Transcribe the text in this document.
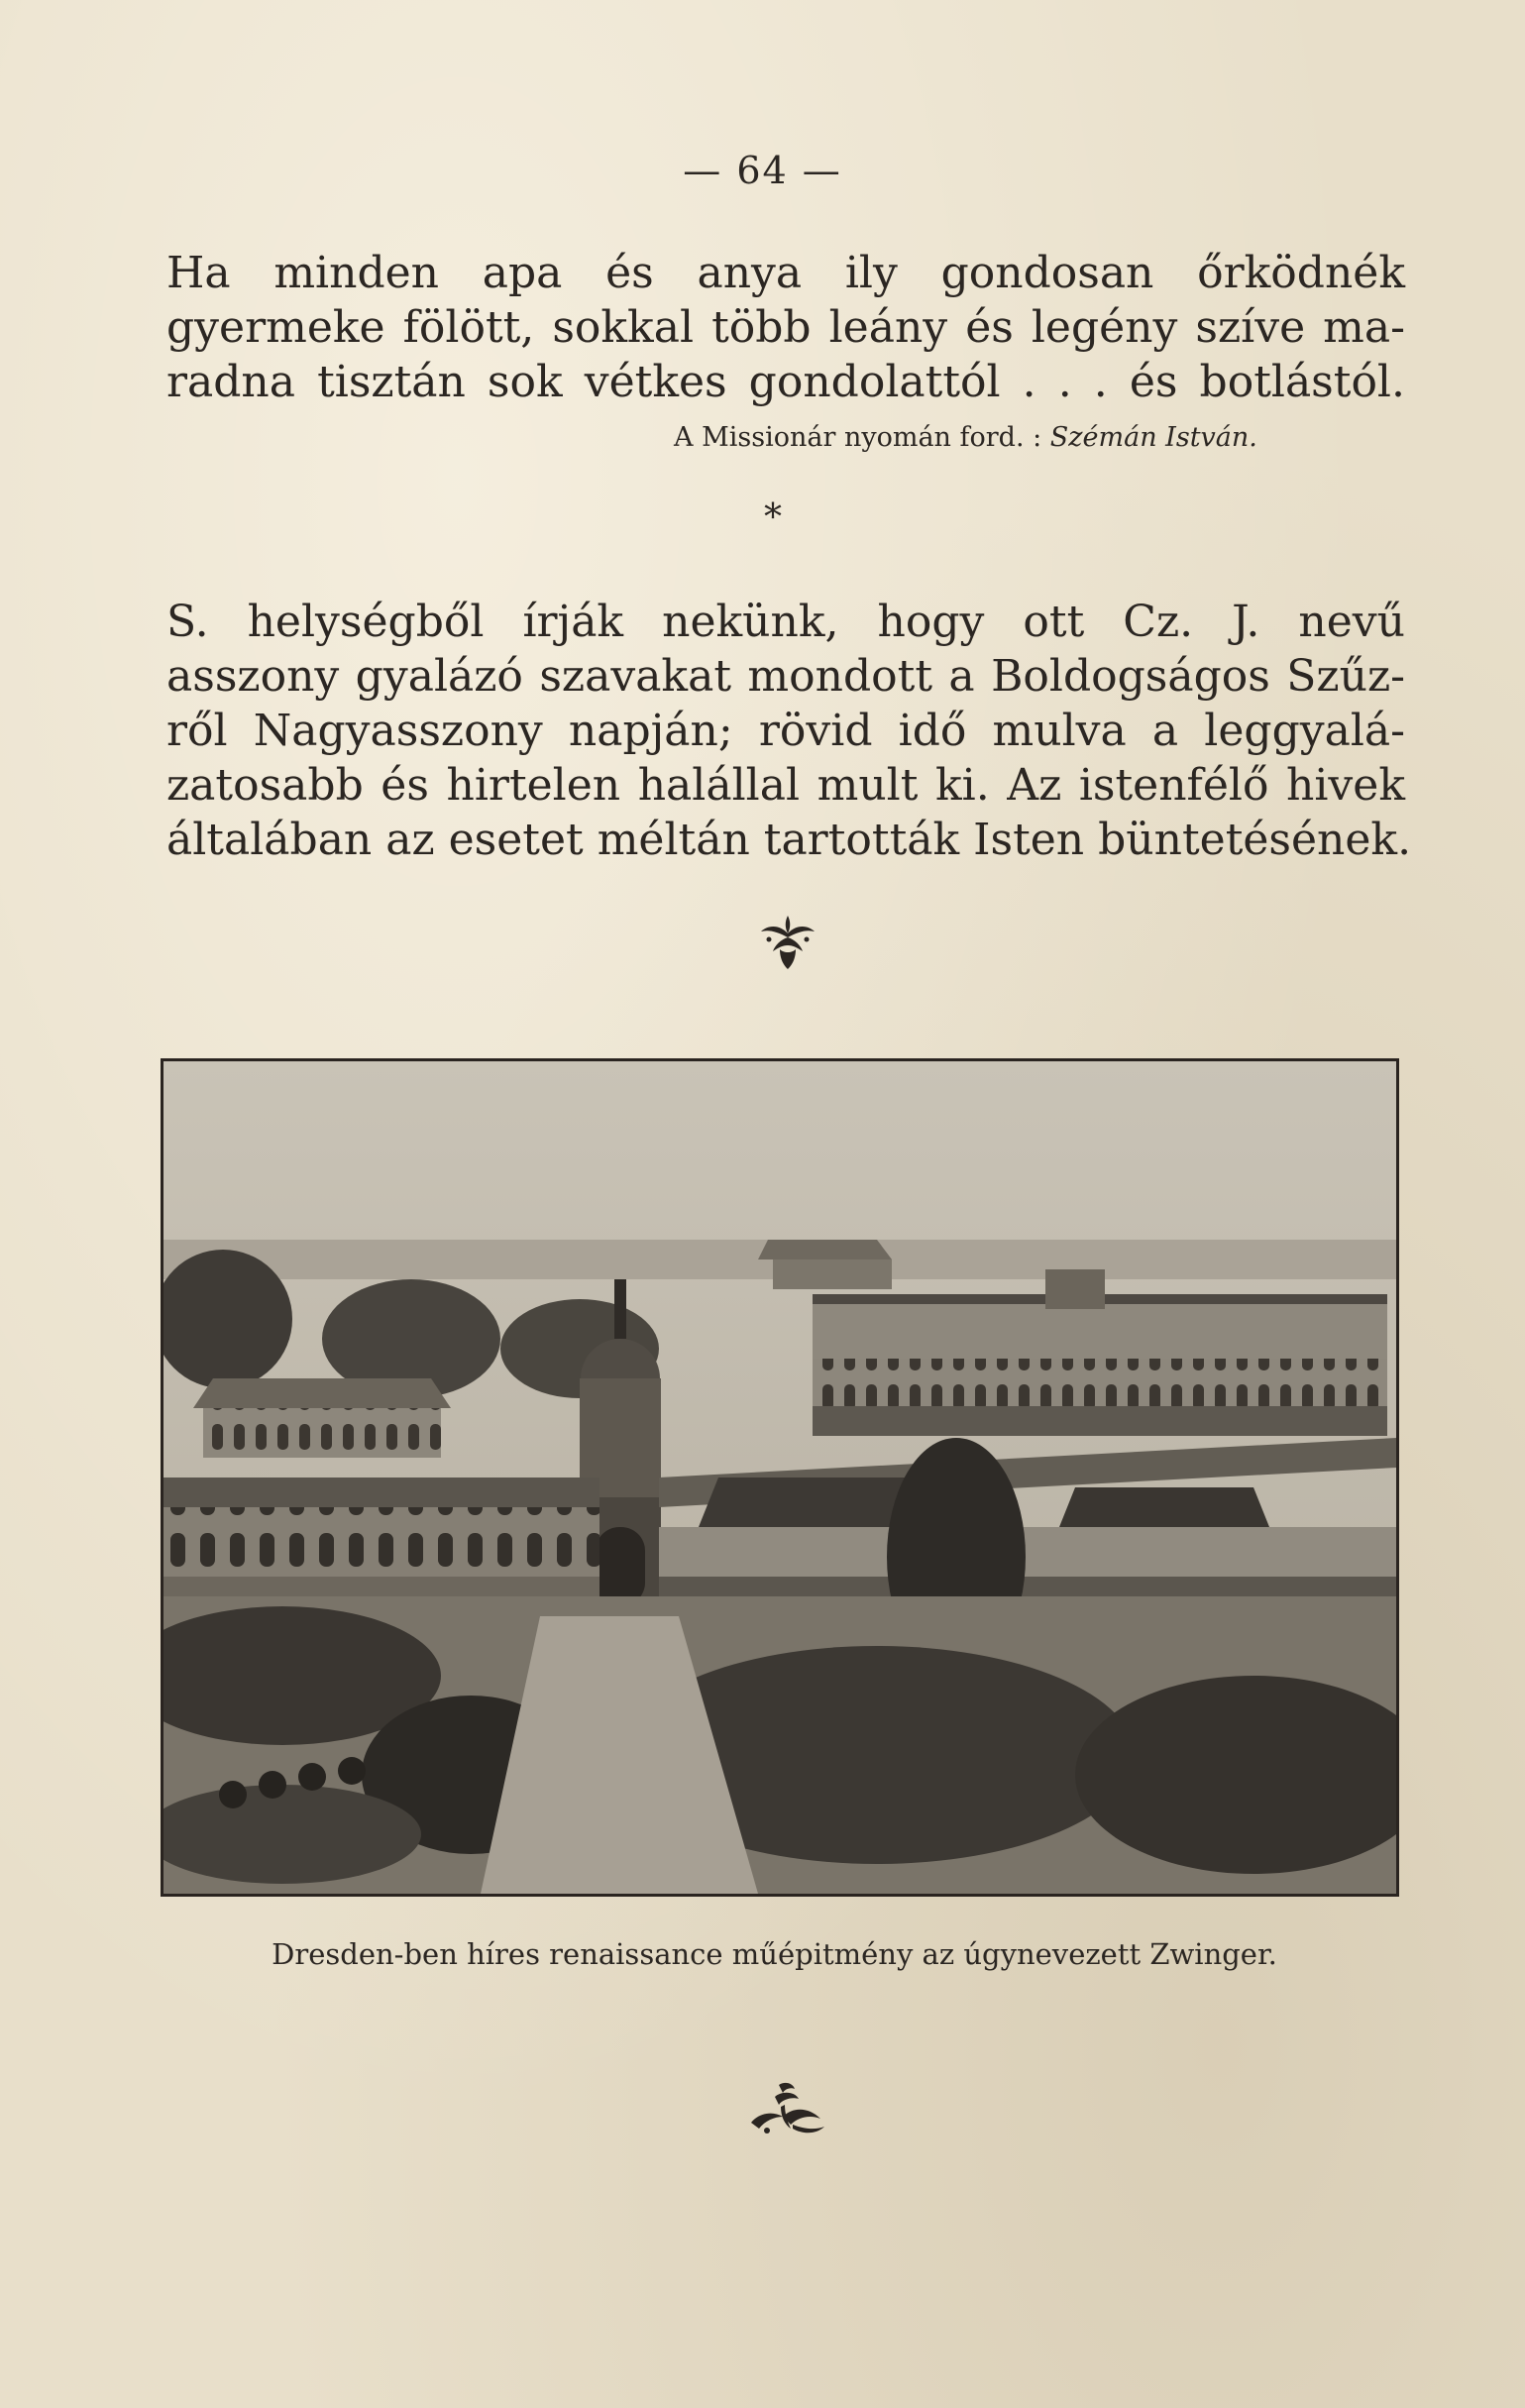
— 64 —
Ha minden apa és anya ily gondosan őrködnék
gyermeke fölött, sokkal több leány és legény szíve ma-
radna tisztán sok vétkes gondolattól . . . és botlástól.
A Missionár nyomán ford. : Szémán István.
*
S. helységből írják nekünk, hogy ott Cz. J. nevű
asszony gyalázó szavakat mondott a Boldogságos Szűz-
ről Nagyasszony napján; rövid idő mulva a leggyalá-
zatosabb és hirtelen halállal mult ki. Az istenfélő hivek
általában az esetet méltán tartották Isten büntetésének.
Dresden-ben híres renaissance műépitmény az úgynevezett Zwinger.
